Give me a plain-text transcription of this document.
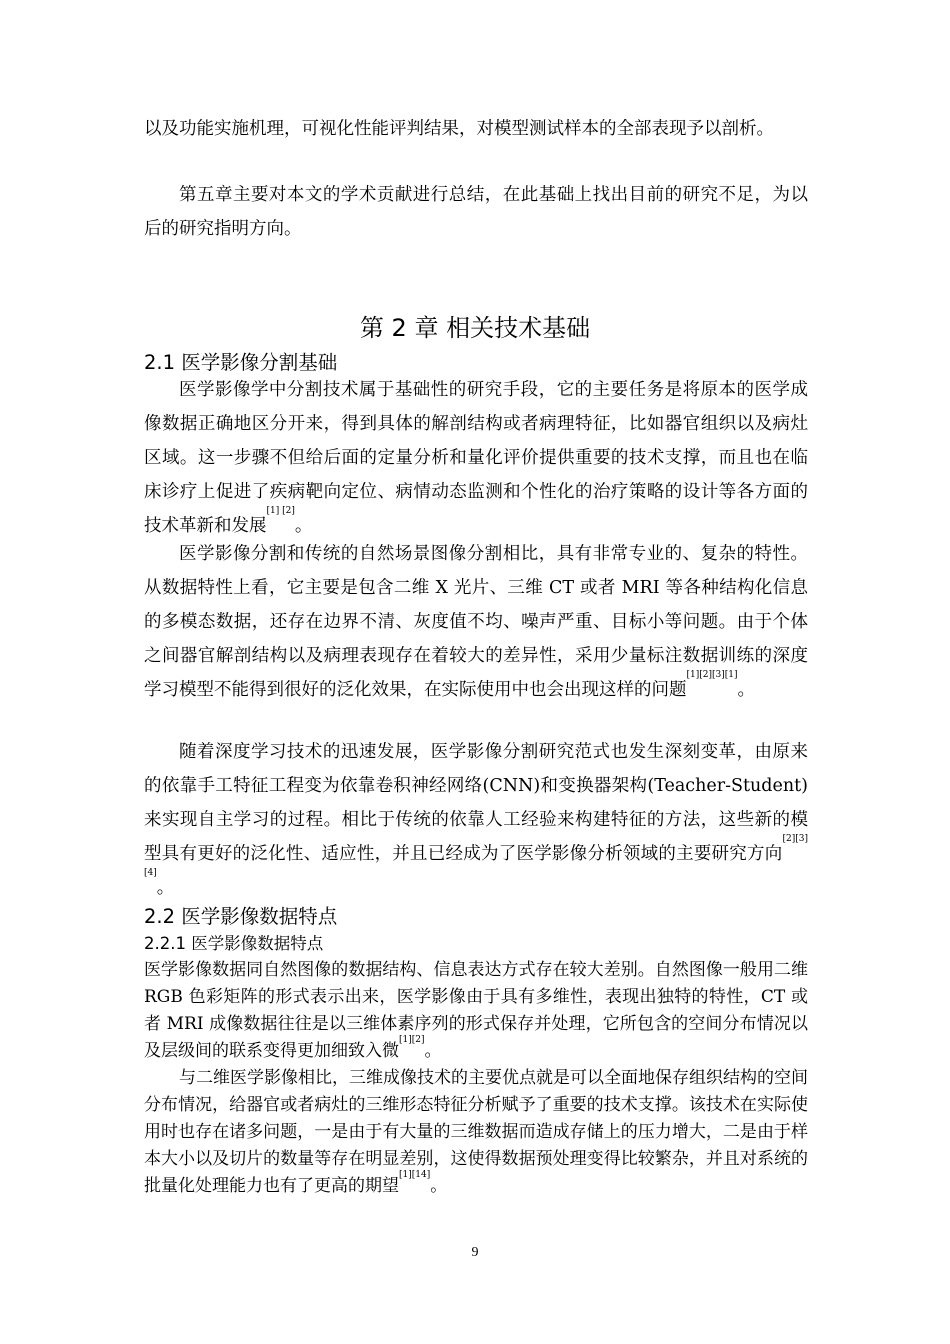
以及功能实施机理，可视化性能评判结果，对模型测试样本的全部表现予以剖析。

第五章主要对本文的学术贡献进行总结，在此基础上找出目前的研究不足，为以后的研究指明方向。

第 2 章 相关技术基础
2.1 医学影像分割基础

医学影像学中分割技术属于基础性的研究手段，它的主要任务是将原本的医学成像数据正确地区分开来，得到具体的解剖结构或者病理特征，比如器官组织以及病灶区域。这一步骤不但给后面的定量分析和量化评价提供重要的技术支撑，而且也在临床诊疗上促进了疾病靶向定位、病情动态监测和个性化的治疗策略的设计等各方面的技术革新和发展[1] [2]。

医学影像分割和传统的自然场景图像分割相比，具有非常专业的、复杂的特性。从数据特性上看，它主要是包含二维 X 光片、三维 CT 或者 MRI 等各种结构化信息的多模态数据，还存在边界不清、灰度值不均、噪声严重、目标小等问题。由于个体之间器官解剖结构以及病理表现存在着较大的差异性，采用少量标注数据训练的深度学习模型不能得到很好的泛化效果，在实际使用中也会出现这样的问题[1][2][3][1]。

随着深度学习技术的迅速发展，医学影像分割研究范式也发生深刻变革，由原来的依靠手工特征工程变为依靠卷积神经网络(CNN)和变换器架构(Teacher-Student)来实现自主学习的过程。相比于传统的依靠人工经验来构建特征的方法，这些新的模型具有更好的泛化性、适应性，并且已经成为了医学影像分析领域的主要研究方向[2][3][4]。

2.2 医学影像数据特点
2.2.1 医学影像数据特点

医学影像数据同自然图像的数据结构、信息表达方式存在较大差别。自然图像一般用二维 RGB 色彩矩阵的形式表示出来，医学影像由于具有多维性，表现出独特的特性，CT 或者 MRI 成像数据往往是以三维体素序列的形式保存并处理，它所包含的空间分布情况以及层级间的联系变得更加细致入微[1][2]。

与二维医学影像相比，三维成像技术的主要优点就是可以全面地保存组织结构的空间分布情况，给器官或者病灶的三维形态特征分析赋予了重要的技术支撑。该技术在实际使用时也存在诸多问题，一是由于有大量的三维数据而造成存储上的压力增大，二是由于样本大小以及切片的数量等存在明显差别，这使得数据预处理变得比较繁杂，并且对系统的批量化处理能力也有了更高的期望[1][14]。

9
